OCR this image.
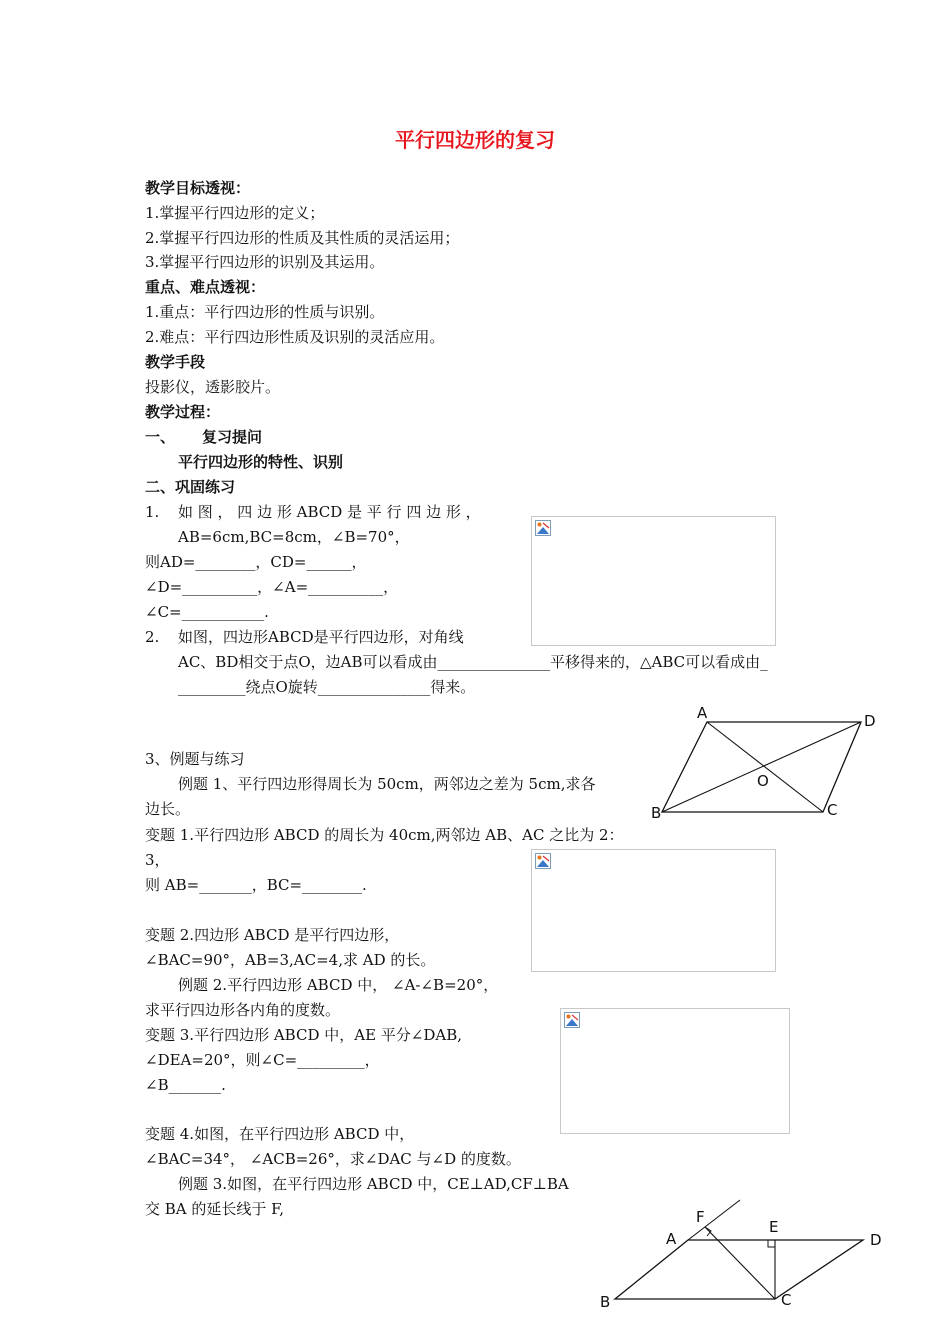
平行四边形的复习
教学目标透视：
1.掌握平行四边形的定义；
2.掌握平行四边形的性质及其性质的灵活运用；
3.掌握平行四边形的识别及其运用。
重点、难点透视：
1.重点：平行四边形的性质与识别。
2.难点：平行四边形性质及识别的灵活应用。
教学手段
投影仪，透影胶片。
教学过程：
一、 复习提问
平行四边形的特性、识别
二、巩固练习
1. 如 图 ， 四 边 形 ABCD 是 平 行 四 边 形 ，
AB=6cm,BC=8cm，∠B=70°，
则AD=________，CD=______，
∠D=__________，∠A=__________，
∠C=___________.
2. 如图，四边形ABCD是平行四边形，对角线
AC、BD相交于点O，边AB可以看成由_______________平移得来的，△ABC可以看成由_
_________绕点O旋转_______________得来。
A
B	C
D
O
3、例题与练习
例题 1、平行四边形得周长为 50cm，两邻边之差为 5cm,求各
边长。
变题 1.平行四边形 ABCD 的周长为 40cm,两邻边 AB、AC 之比为 2：
3，
则 AB=_______，BC=________.
变题 2.四边形 ABCD 是平行四边形，
∠BAC=90°，AB=3,AC=4,求 AD 的长。
例题 2.平行四边形 ABCD 中， ∠A-∠B=20°，
求平行四边形各内角的度数。
变题 3.平行四边形 ABCD 中，AE 平分∠DAB,
∠DEA=20°，则∠C=_________，
∠B_______.
变题 4.如图，在平行四边形 ABCD 中，
∠BAC=34°， ∠ACB=26°，求∠DAC 与∠D 的度数。
例题 3.如图，在平行四边形 ABCD 中，CE⊥AD,CF⊥BA
交 BA 的延长线于 F,
A
B	C
D
E
F
